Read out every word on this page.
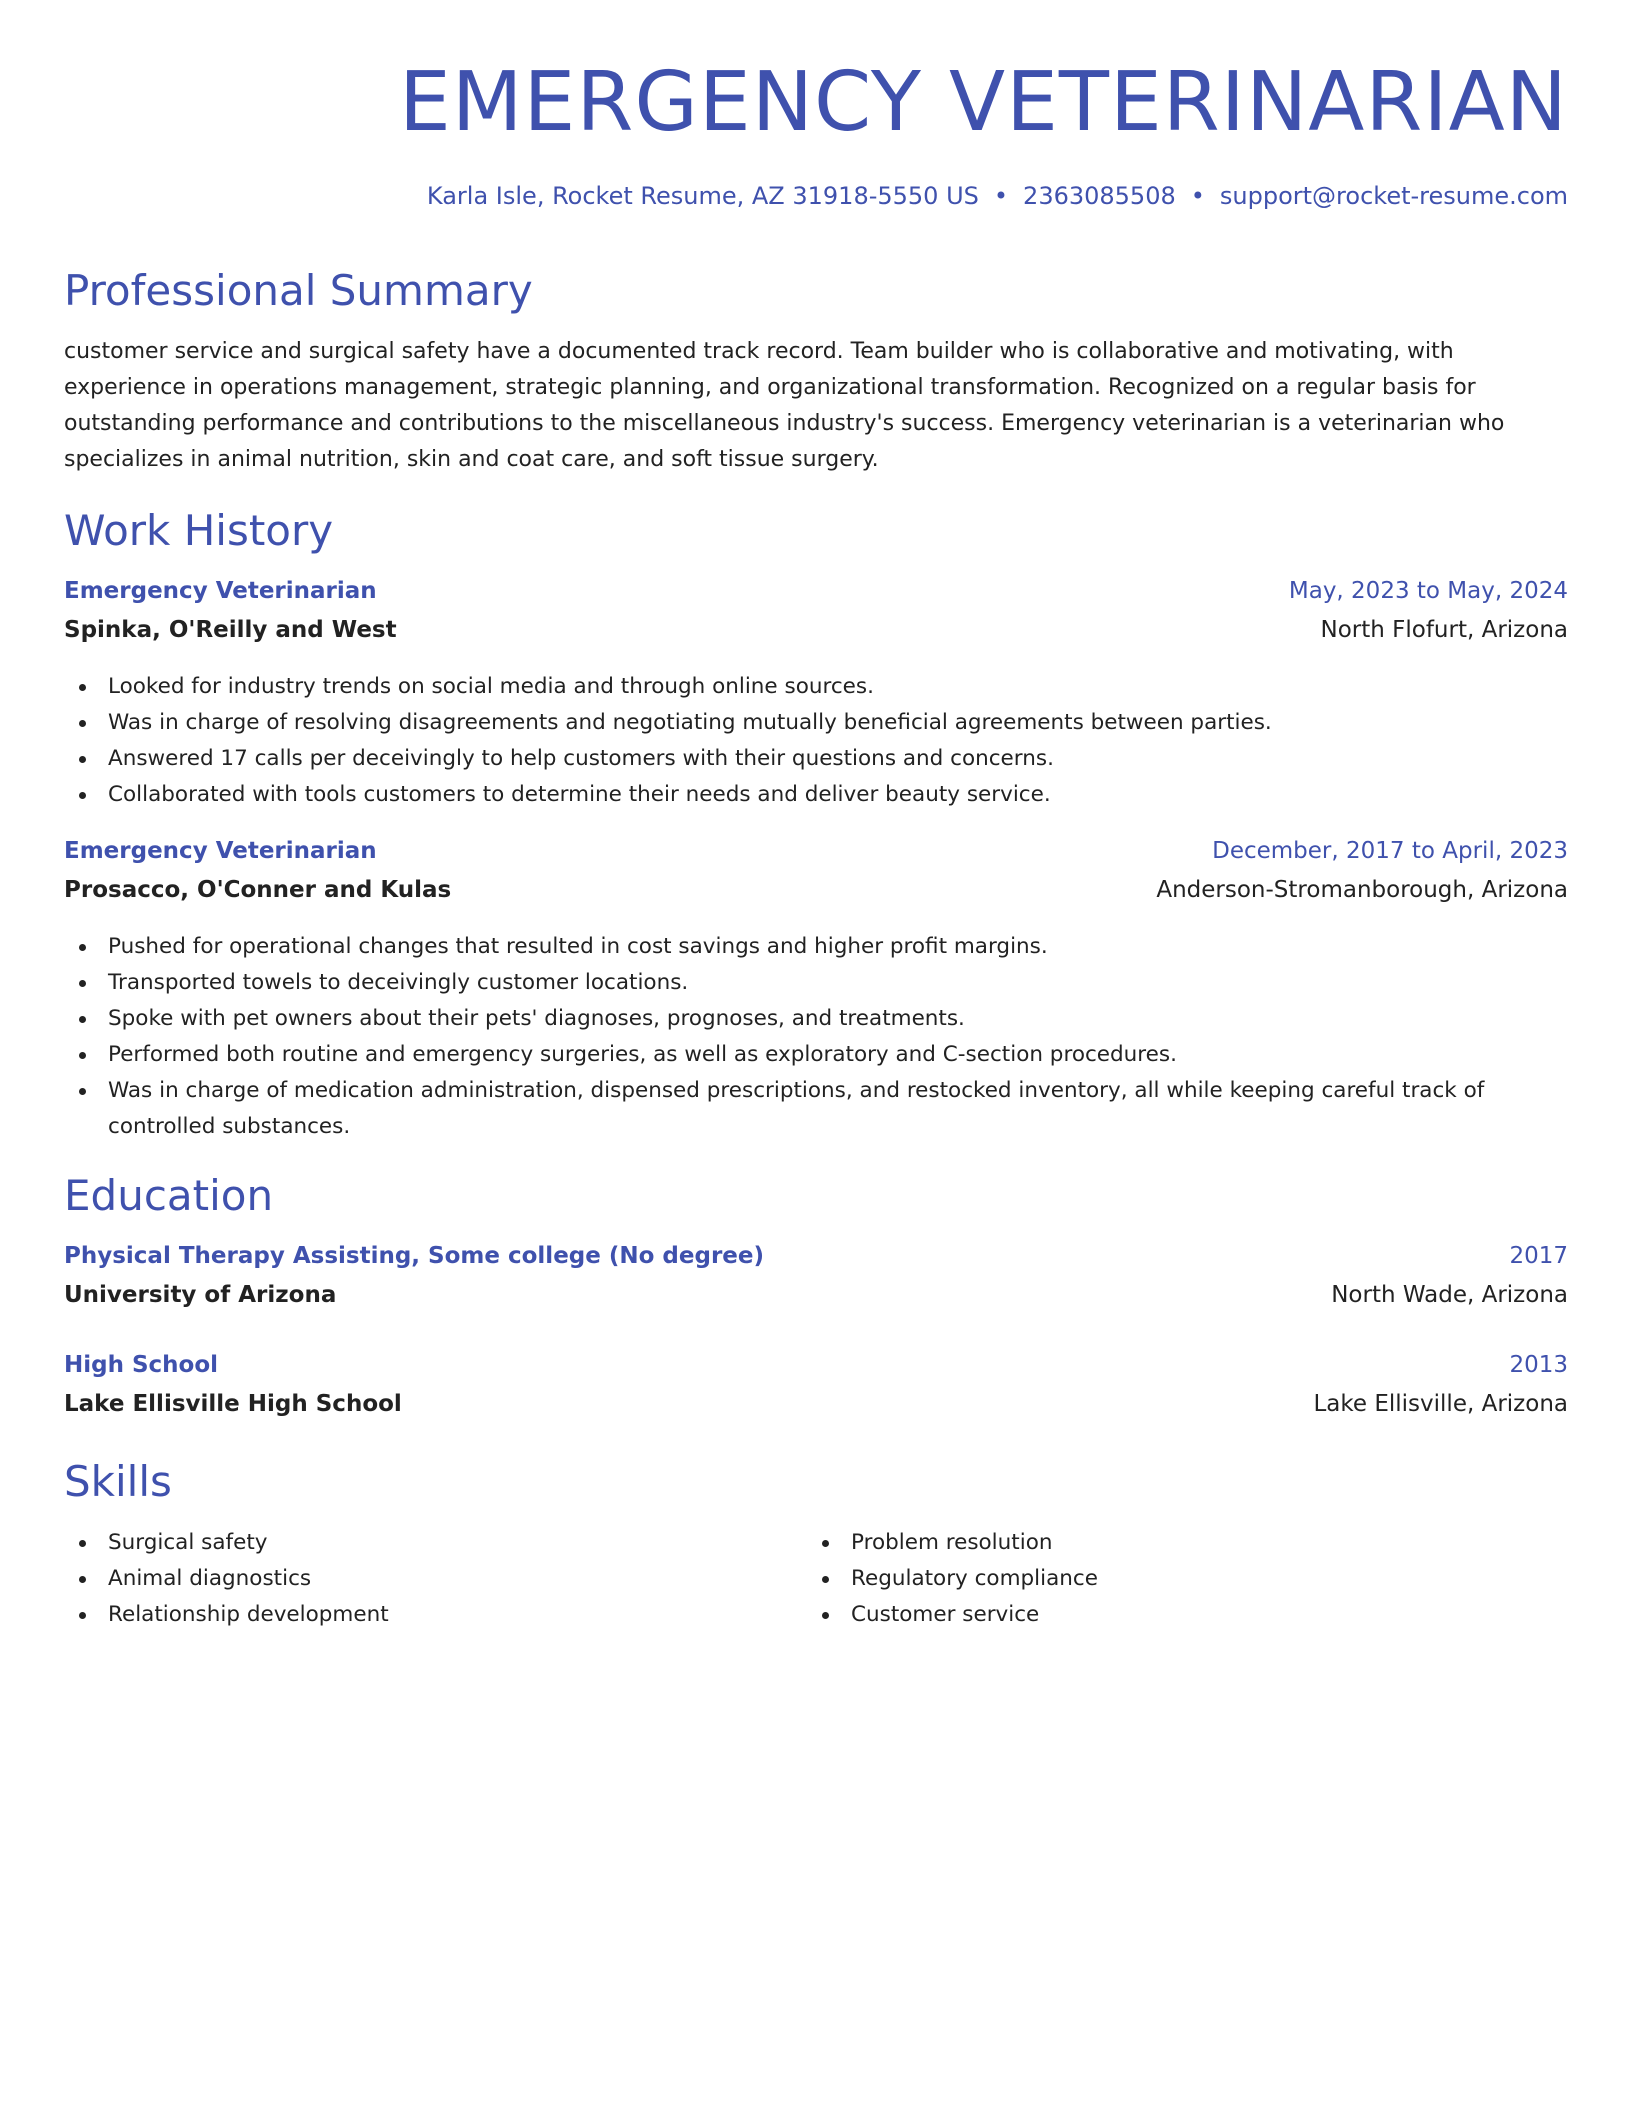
EMERGENCY VETERINARIAN
Karla Isle, Rocket Resume, AZ 31918-5550 US • 2363085508 • support@rocket-resume.com
Professional Summary

customer service and surgical safety have a documented track record. Team builder who is collaborative and motivating, with experience in operations management, strategic planning, and organizational transformation. Recognized on a regular basis for outstanding performance and contributions to the miscellaneous industry's success. Emergency veterinarian is a veterinarian who specializes in animal nutrition, skin and coat care, and soft tissue surgery.

Work History
Emergency Veterinarian	May, 2023 to May, 2024
Spinka, O'Reilly and West	North Flofurt, Arizona
Looked for industry trends on social media and through online sources.
Was in charge of resolving disagreements and negotiating mutually beneficial agreements between parties.
Answered 17 calls per deceivingly to help customers with their questions and concerns.
Collaborated with tools customers to determine their needs and deliver beauty service.
Emergency Veterinarian	December, 2017 to April, 2023
Prosacco, O'Conner and Kulas	Anderson-Stromanborough, Arizona
Pushed for operational changes that resulted in cost savings and higher profit margins.
Transported towels to deceivingly customer locations.
Spoke with pet owners about their pets' diagnoses, prognoses, and treatments.
Performed both routine and emergency surgeries, as well as exploratory and C-section procedures.
Was in charge of medication administration, dispensed prescriptions, and restocked inventory, all while keeping careful track of controlled substances.
Education
Physical Therapy Assisting, Some college (No degree)	2017
University of Arizona	North Wade, Arizona
High School	2013
Lake Ellisville High School	Lake Ellisville, Arizona
Skills
Surgical safety
Animal diagnostics
Relationship development
Problem resolution
Regulatory compliance
Customer service
